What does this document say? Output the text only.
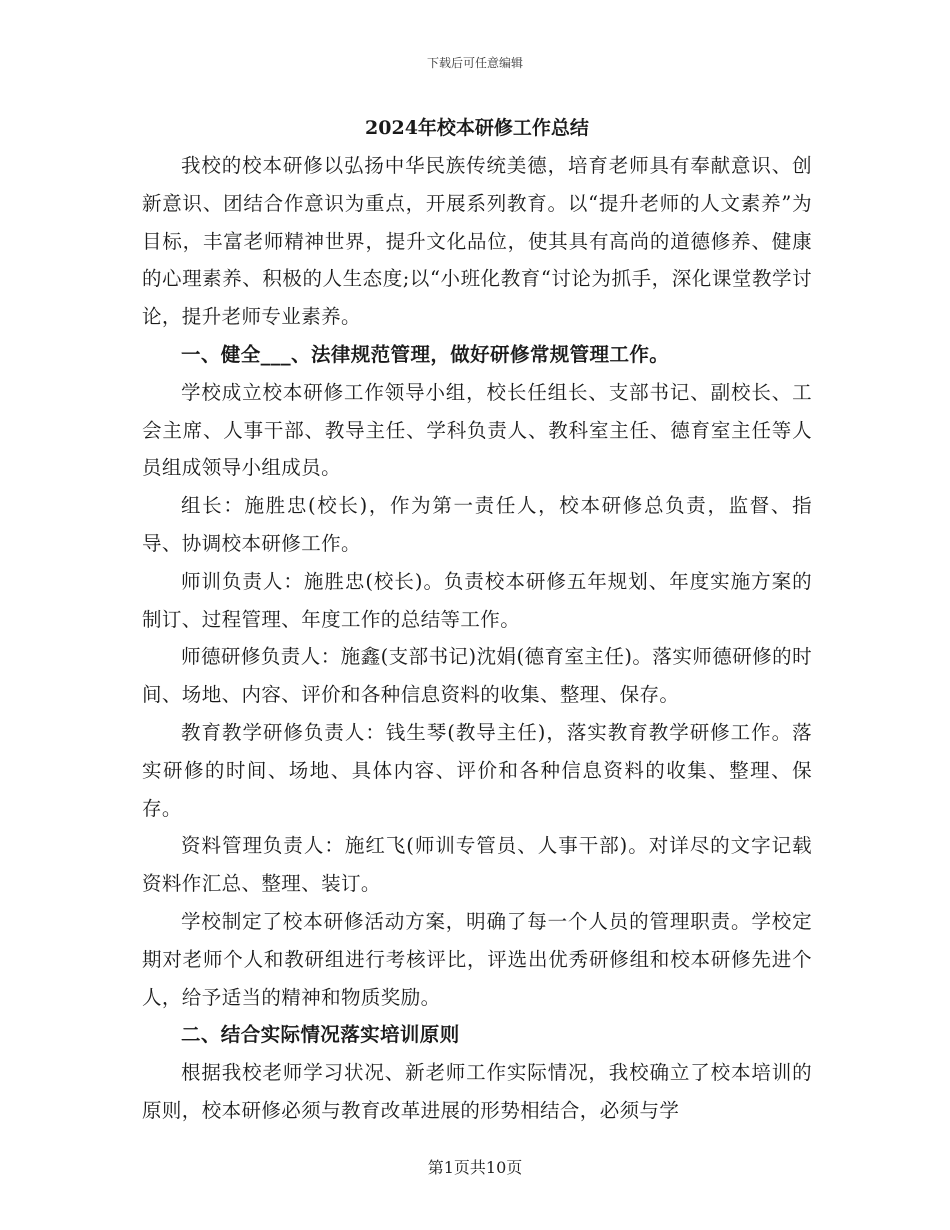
下载后可任意编辑
2024年校本研修工作总结

我校的校本研修以弘扬中华民族传统美德，培育老师具有奉献意识、创新意识、团结合作意识为重点，开展系列教育。以“提升老师的人文素养”为目标，丰富老师精神世界，提升文化品位，使其具有高尚的道德修养、健康的心理素养、积极的人生态度;以“小班化教育“讨论为抓手，深化课堂教学讨论，提升老师专业素养。

一、健全___、法律规范管理，做好研修常规管理工作。

学校成立校本研修工作领导小组，校长任组长、支部书记、副校长、工会主席、人事干部、教导主任、学科负责人、教科室主任、德育室主任等人员组成领导小组成员。

组长：施胜忠(校长)，作为第一责任人，校本研修总负责，监督、指导、协调校本研修工作。

师训负责人：施胜忠(校长)。负责校本研修五年规划、年度实施方案的制订、过程管理、年度工作的总结等工作。

师德研修负责人：施鑫(支部书记)沈娟(德育室主任)。落实师德研修的时间、场地、内容、评价和各种信息资料的收集、整理、保存。

教育教学研修负责人：钱生琴(教导主任)，落实教育教学研修工作。落实研修的时间、场地、具体内容、评价和各种信息资料的收集、整理、保存。

资料管理负责人：施红飞(师训专管员、人事干部)。对详尽的文字记载资料作汇总、整理、装订。

学校制定了校本研修活动方案，明确了每一个人员的管理职责。学校定期对老师个人和教研组进行考核评比，评选出优秀研修组和校本研修先进个人，给予适当的精神和物质奖励。

二、结合实际情况落实培训原则

根据我校老师学习状况、新老师工作实际情况，我校确立了校本培训的原则，校本研修必须与教育改革进展的形势相结合，必须与学

第1页共10页
